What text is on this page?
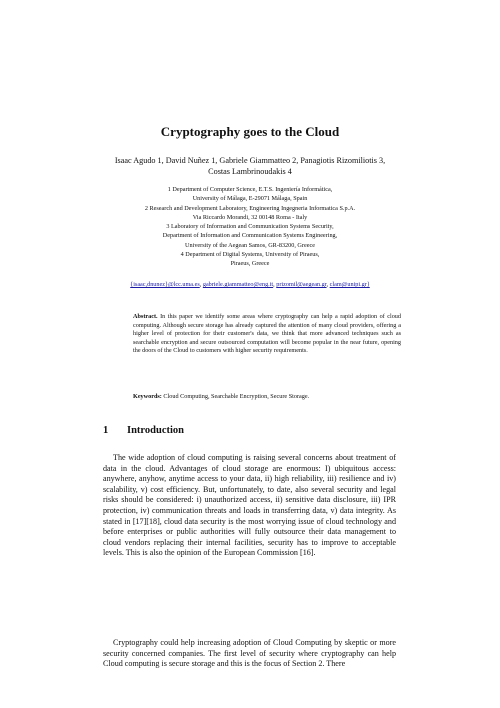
Cryptography goes to the Cloud
Isaac Agudo 1, David Nuñez 1, Gabriele Giammatteo 2, Panagiotis Rizomiliotis 3,
Costas Lambrinoudakis 4
1 Department of Computer Science, E.T.S. Ingeniería Informática,
University of Málaga, E-29071 Málaga, Spain
2 Research and Development Laboratory, Engineering Ingegneria Informatica S.p.A.
Via Riccardo Morandi, 32 00148 Roma - Italy
3 Laboratory of Information and Communication Systems Security,
Department of Information and Communication Systems Engineering,
University of the Aegean Samos, GR-83200, Greece
4 Department of Digital Systems, University of Piraeus,
Piraeus, Greece
{isaac,dnunez}@lcc.uma.es, gabriele.giammatteo@eng.it, prizomil@aegean.gr, clam@unipi.gr}
Abstract. In this paper we identify some areas where cryptography can help a rapid adoption of cloud computing. Although secure storage has already captured the attention of many cloud providers, offering a higher level of protection for their customer's data, we think that more advanced techniques such as searchable encryption and secure outsourced computation will become popular in the near future, opening the doors of the Cloud to customers with higher security requirements.
Keywords: Cloud Computing, Searchable Encryption, Secure Storage.
1 Introduction
The wide adoption of cloud computing is raising several concerns about treatment of data in the cloud. Advantages of cloud storage are enormous: I) ubiquitous access: anywhere, anyhow, anytime access to your data, ii) high reliability, iii) resilience and iv) scalability, v) cost efficiency. But, unfortunately, to date, also several security and legal risks should be considered: i) unauthorized access, ii) sensitive data disclosure, iii) IPR protection, iv) communication threats and loads in transferring data, v) data integrity. As stated in [17][18], cloud data security is the most worrying issue of cloud technology and before enterprises or public authorities will fully outsource their data management to cloud vendors replacing their internal facilities, security has to improve to acceptable levels. This is also the opinion of the European Commission [16].
Cryptography could help increasing adoption of Cloud Computing by skeptic or more security concerned companies. The first level of security where cryptography can help Cloud computing is secure storage and this is the focus of Section 2. There
